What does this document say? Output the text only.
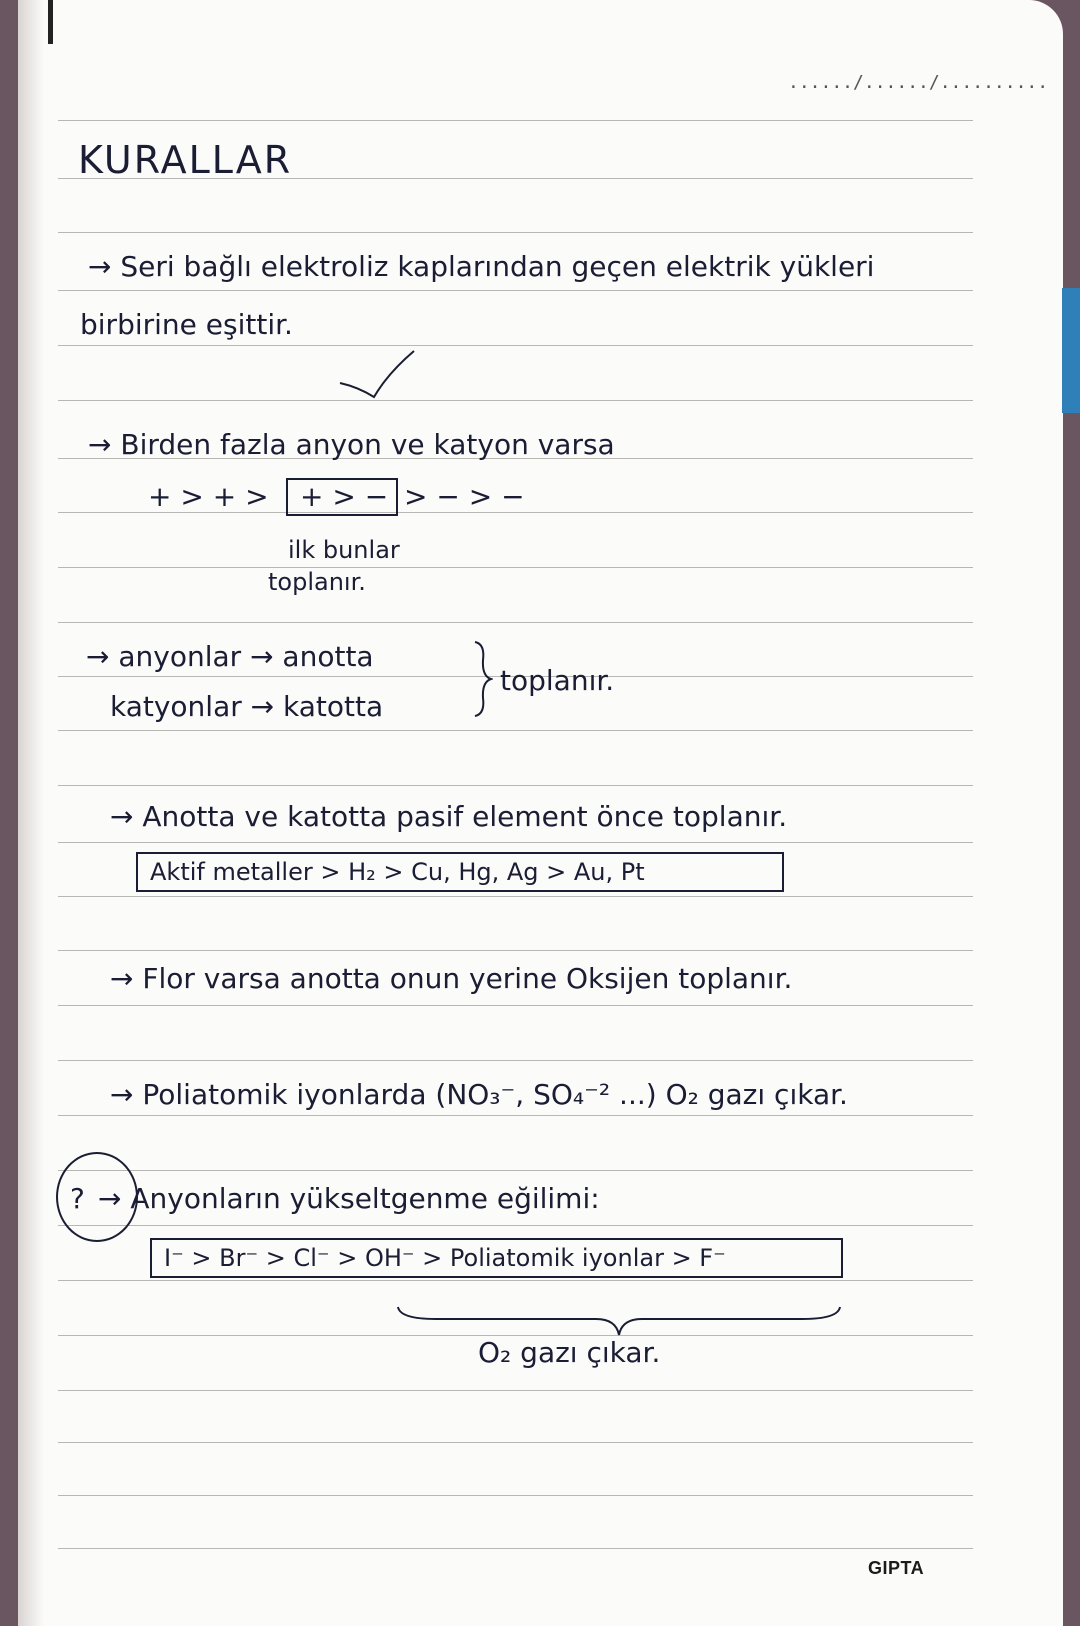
....../....../..........
KURALLAR
→ Seri bağlı elektroliz kaplarından geçen elektrik yükleri
birbirine eşittir.
→ Birden fazla anyon ve katyon varsa
+ > + > + > − > − > −
ilk bunlar
toplanır.
→ anyonlar → anotta
katyonlar → katotta
toplanır.
→ Anotta ve katotta pasif element önce toplanır.
Aktif metaller > H₂ > Cu, Hg, Ag > Au, Pt
→ Flor varsa anotta onun yerine Oksijen toplanır.
→ Poliatomik iyonlarda (NO₃⁻, SO₄⁻² ...) O₂ gazı çıkar.
? → Anyonların yükseltgenme eğilimi:
I⁻ > Br⁻ > Cl⁻ > OH⁻ > Poliatomik iyonlar > F⁻
O₂ gazı çıkar.
GIPTA
